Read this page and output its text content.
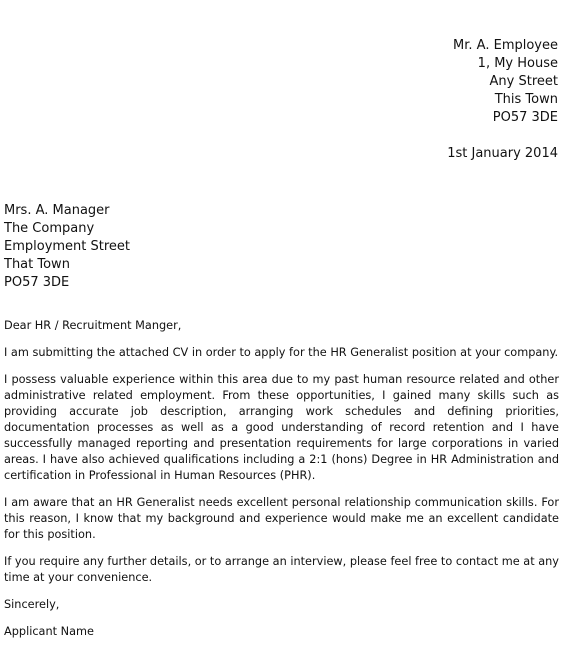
Mr. A. Employee
1, My House
Any Street
This Town
PO57 3DE
1st January 2014
Mrs. A. Manager
The Company
Employment Street
That Town
PO57 3DE

Dear HR / Recruitment Manger,

I am submitting the attached CV in order to apply for the HR Generalist position at your company.

I possess valuable experience within this area due to my past human resource related and other administrative related employment. From these opportunities, I gained many skills such as providing accurate job description, arranging work schedules and defining priorities, documentation processes as well as a good understanding of record retention and I have successfully managed reporting and presentation requirements for large corporations in varied areas. I have also achieved qualifications including a 2:1 (hons) Degree in HR Administration and certification in Professional in Human Resources (PHR).

I am aware that an HR Generalist needs excellent personal relationship communication skills. For this reason, I know that my background and experience would make me an excellent candidate for this position.

If you require any further details, or to arrange an interview, please feel free to contact me at any time at your convenience.

Sincerely,

Applicant Name
